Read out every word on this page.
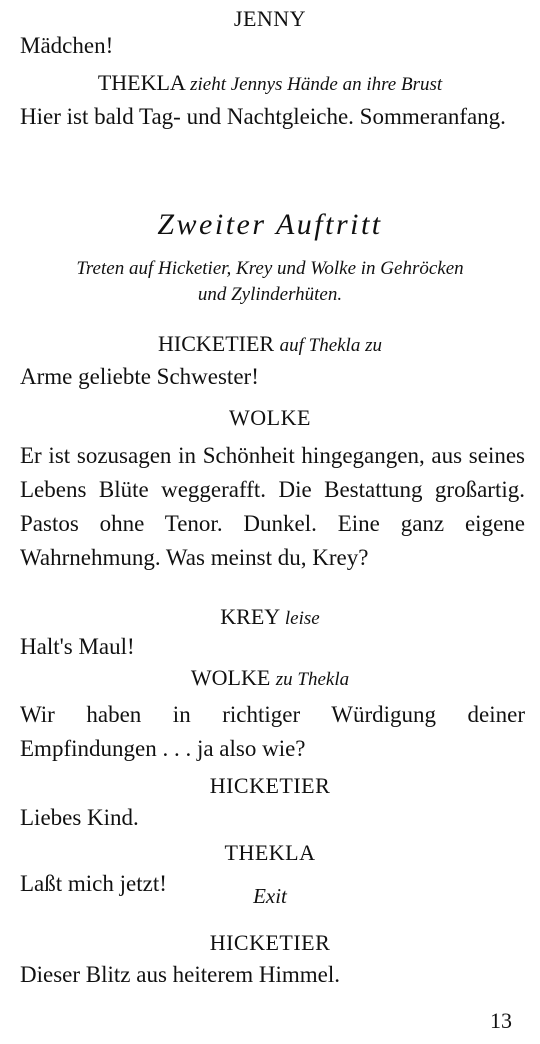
JENNY
Mädchen!
THEKLA zieht Jennys Hände an ihre Brust
Hier ist bald Tag- und Nachtgleiche. Sommeranfang.
Zweiter Auftritt
Treten auf Hicketier, Krey und Wolke in Gehröcken
und Zylinderhüten.
HICKETIER auf Thekla zu
Arme geliebte Schwester!
WOLKE
Er ist sozusagen in Schönheit hingegangen, aus seines Lebens Blüte weggerafft. Die Bestattung großartig. Pastos ohne Tenor. Dunkel. Eine ganz eigene Wahrnehmung. Was meinst du, Krey?
KREY leise
Halt's Maul!
WOLKE zu Thekla
Wir haben in richtiger Würdigung deiner Empfindungen . . . ja also wie?
HICKETIER
Liebes Kind.
THEKLA
Laßt mich jetzt!	Exit
HICKETIER
Dieser Blitz aus heiterem Himmel.
13
